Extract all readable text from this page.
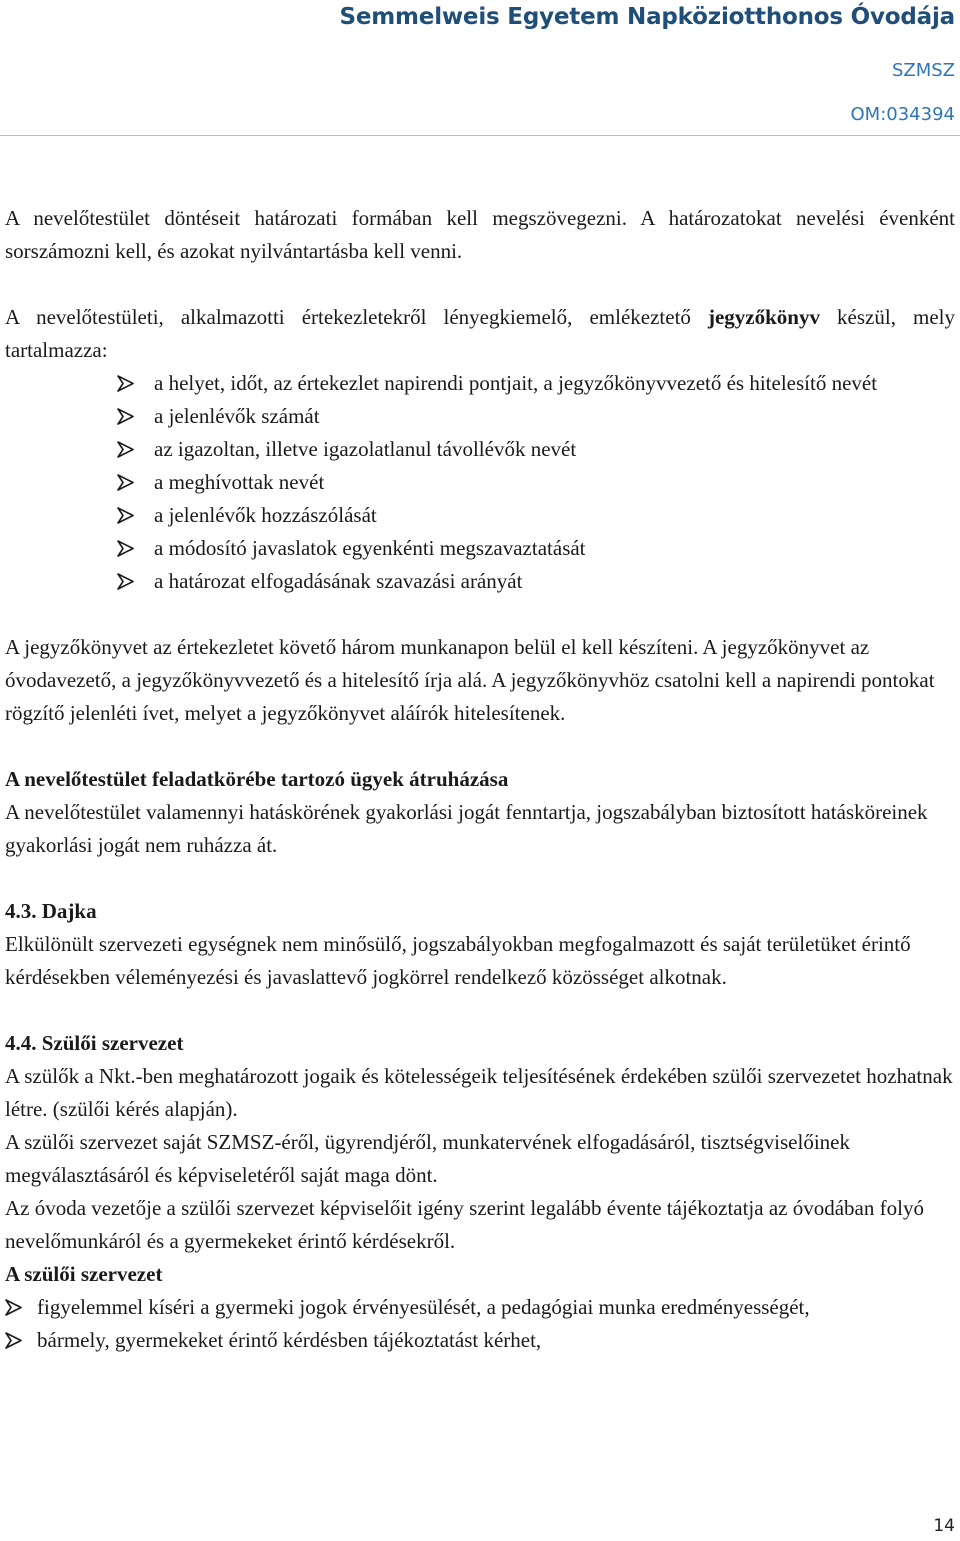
Semmelweis Egyetem Napköziotthonos Óvodája
SZMSZ
OM:034394

A nevelőtestület döntéseit határozati formában kell megszövegezni. A határozatokat nevelési évenként sorszámozni kell, és azokat nyilvántartásba kell venni.

A nevelőtestületi, alkalmazotti értekezletekről lényegkiemelő, emlékeztető jegyzőkönyv készül, mely tartalmazza:

a helyet, időt, az értekezlet napirendi pontjait, a jegyzőkönyvvezető és hitelesítő nevét
a jelenlévők számát
az igazoltan, illetve igazolatlanul távollévők nevét
a meghívottak nevét
a jelenlévők hozzászólását
a módosító javaslatok egyenkénti megszavaztatását
a határozat elfogadásának szavazási arányát

A jegyzőkönyvet az értekezletet követő három munkanapon belül el kell készíteni. A jegyzőkönyvet az óvodavezető, a jegyzőkönyvvezető és a hitelesítő írja alá. A jegyzőkönyvhöz csatolni kell a napirendi pontokat rögzítő jelenléti ívet, melyet a jegyzőkönyvet aláírók hitelesítenek.

A nevelőtestület feladatkörébe tartozó ügyek átruházása

A nevelőtestület valamennyi hatáskörének gyakorlási jogát fenntartja, jogszabályban biztosított hatásköreinek gyakorlási jogát nem ruházza át.

4.3. Dajka

Elkülönült szervezeti egységnek nem minősülő, jogszabályokban megfogalmazott és saját területüket érintő kérdésekben véleményezési és javaslattevő jogkörrel rendelkező közösséget alkotnak.

4.4. Szülői szervezet

A szülők a Nkt.-ben meghatározott jogaik és kötelességeik teljesítésének érdekében szülői szervezetet hozhatnak létre. (szülői kérés alapján).

A szülői szervezet saját SZMSZ-éről, ügyrendjéről, munkatervének elfogadásáról, tisztségviselőinek megválasztásáról és képviseletéről saját maga dönt.

Az óvoda vezetője a szülői szervezet képviselőit igény szerint legalább évente tájékoztatja az óvodában folyó nevelőmunkáról és a gyermekeket érintő kérdésekről.

A szülői szervezet

figyelemmel kíséri a gyermeki jogok érvényesülését, a pedagógiai munka eredményességét,
bármely, gyermekeket érintő kérdésben tájékoztatást kérhet,
14
